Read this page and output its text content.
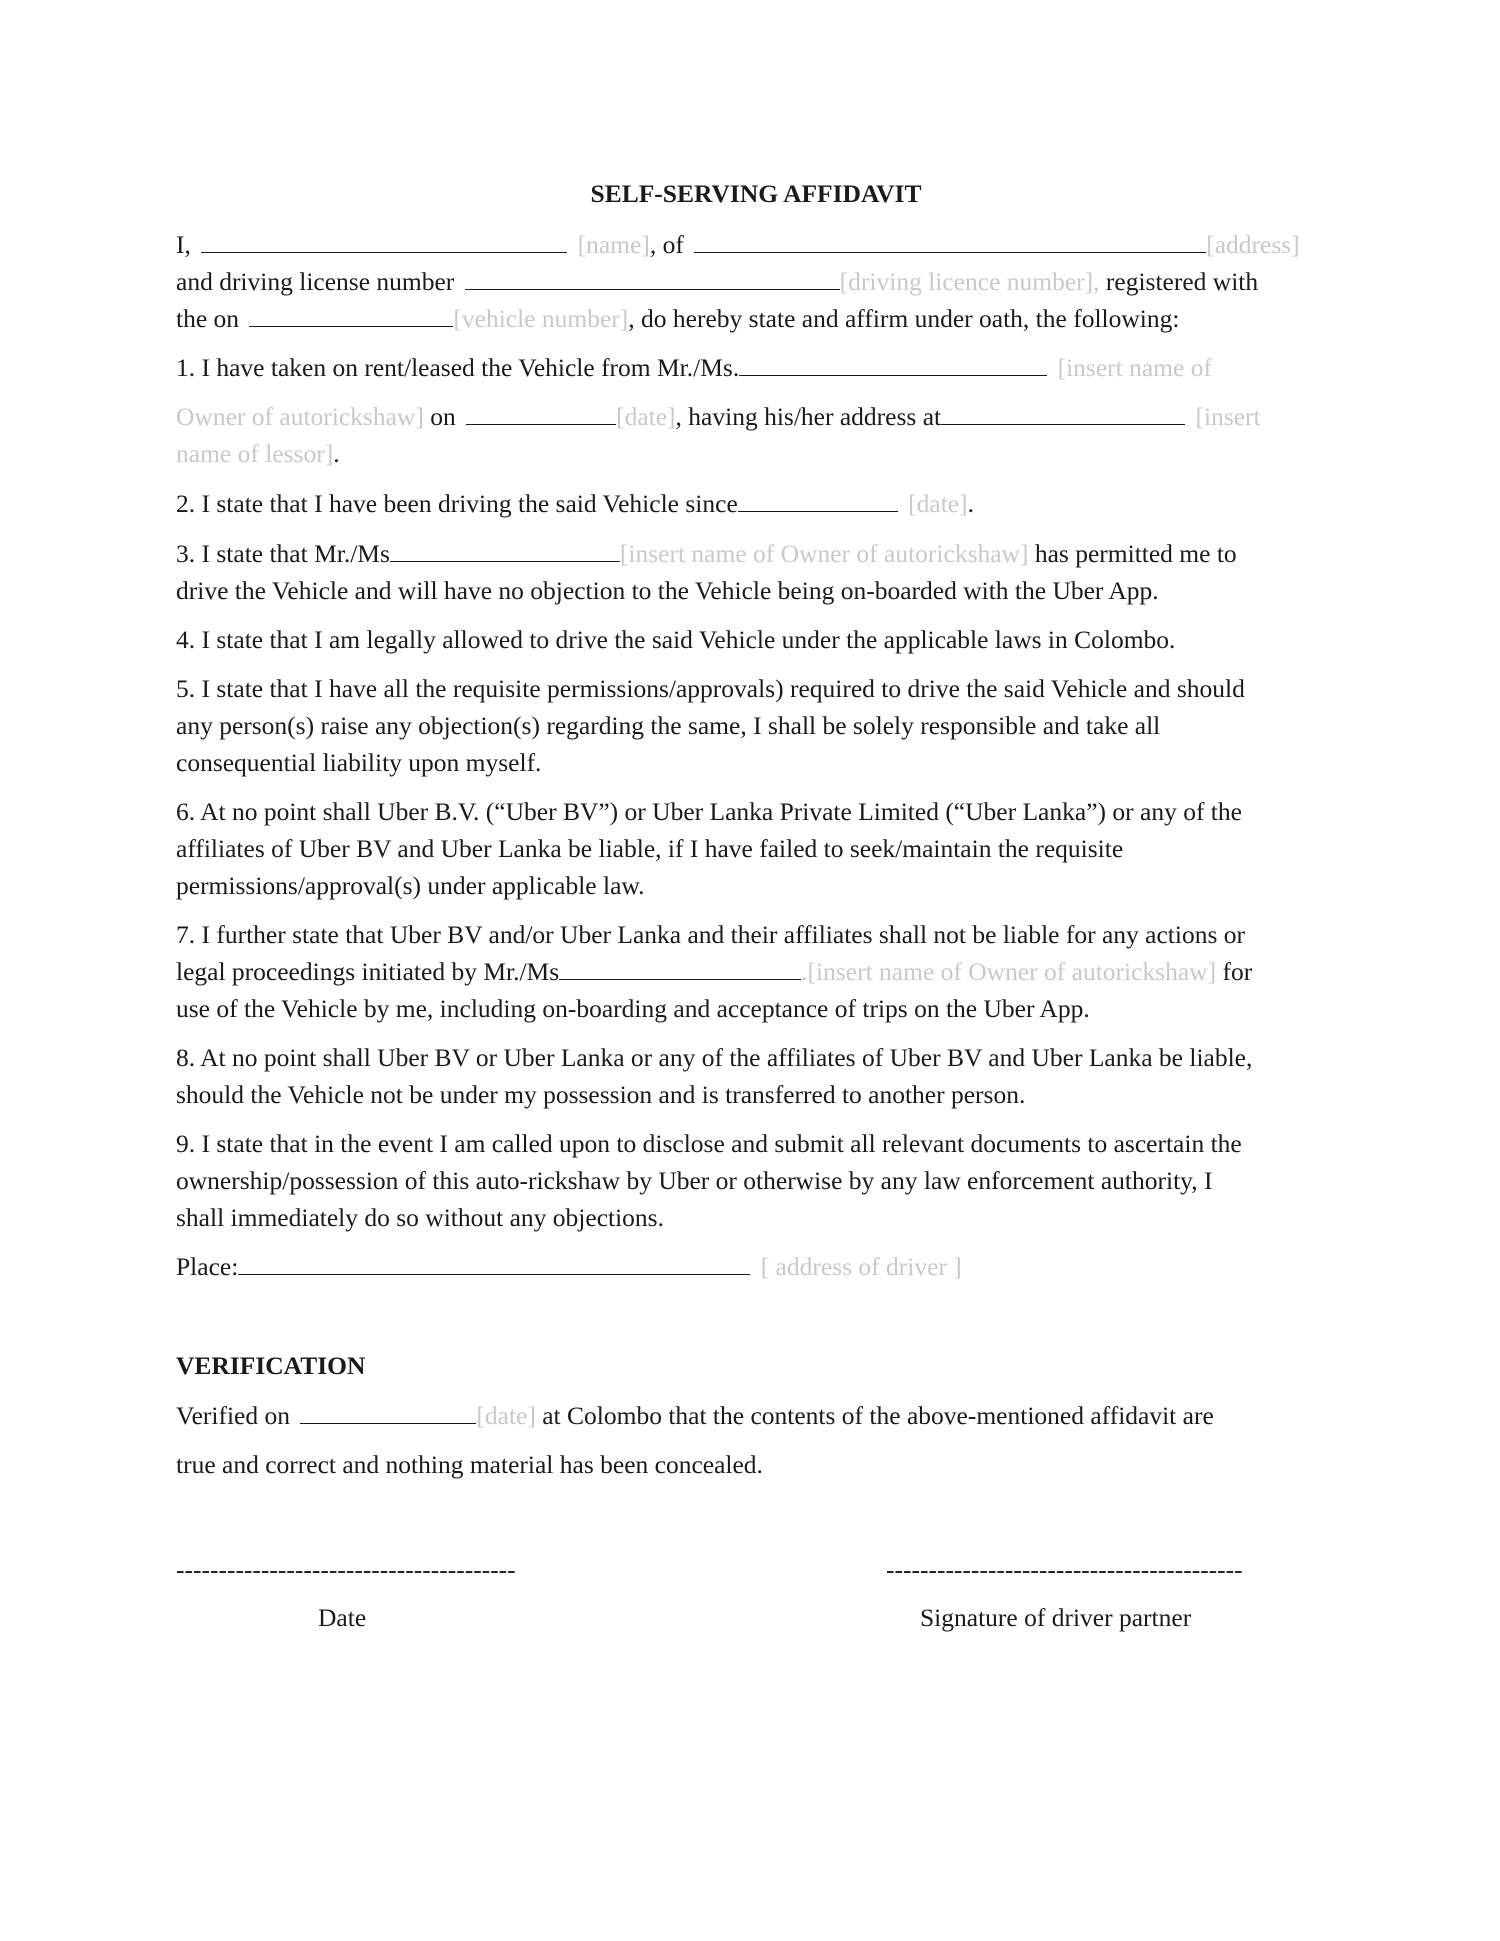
SELF-SERVING AFFIDAVIT
I,	[name], of	[address]
and driving license number	[driving licence number], registered with
the on	[vehicle number], do hereby state and affirm under oath, the following:
1. I have taken on rent/leased the Vehicle from Mr./Ms.	[insert name of
Owner of autorickshaw] on	[date], having his/her address at	[insert
name of lessor].
2. I state that I have been driving the said Vehicle since	[date].
3. I state that Mr./Ms	[insert name of Owner of autorickshaw] has permitted me to
drive the Vehicle and will have no objection to the Vehicle being on-boarded with the Uber App.
4. I state that I am legally allowed to drive the said Vehicle under the applicable laws in Colombo.
5. I state that I have all the requisite permissions/approvals) required to drive the said Vehicle and should
any person(s) raise any objection(s) regarding the same, I shall be solely responsible and take all
consequential liability upon myself.
6. At no point shall Uber B.V. (“Uber BV”) or Uber Lanka Private Limited (“Uber Lanka”) or any of the
affiliates of Uber BV and Uber Lanka be liable, if I have failed to seek/maintain the requisite
permissions/approval(s) under applicable law.
7. I further state that Uber BV and/or Uber Lanka and their affiliates shall not be liable for any actions or
legal proceedings initiated by Mr./Ms	.[insert name of Owner of autorickshaw] for
use of the Vehicle by me, including on-boarding and acceptance of trips on the Uber App.
8. At no point shall Uber BV or Uber Lanka or any of the affiliates of Uber BV and Uber Lanka be liable,
should the Vehicle not be under my possession and is transferred to another person.
9. I state that in the event I am called upon to disclose and submit all relevant documents to ascertain the
ownership/possession of this auto-rickshaw by Uber or otherwise by any law enforcement authority, I
shall immediately do so without any objections.
Place:	[ address of driver ]
VERIFICATION
Verified on	[date] at Colombo that the contents of the above-mentioned affidavit are
true and correct and nothing material has been concealed.
----------------------------------------	------------------------------------------
Date	Signature of driver partner
